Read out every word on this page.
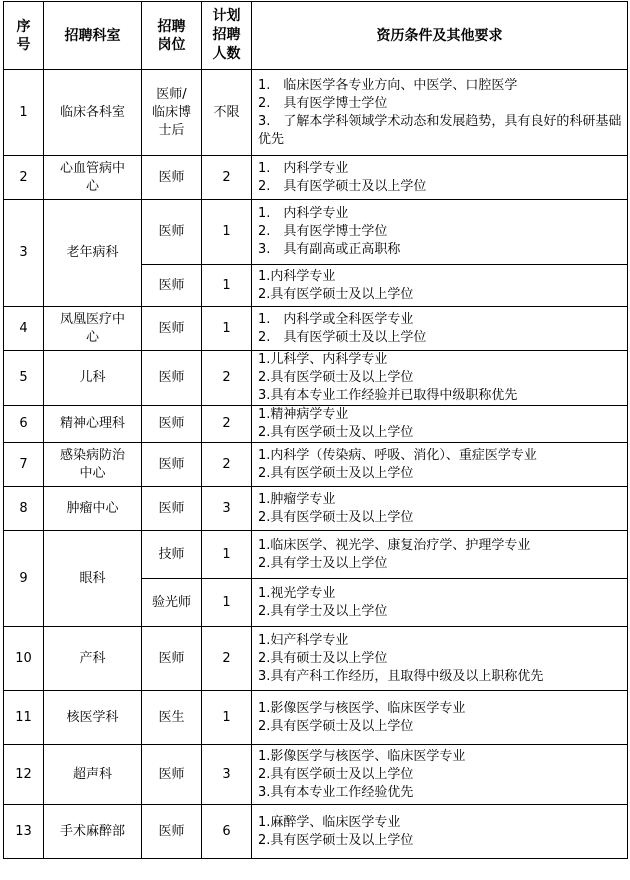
序号	招聘科室	招聘岗位	计划招聘人数	资历条件及其他要求
1	临床各科室	医师/临床博士后	不限	1.　临床医学各专业方向、中医学、口腔医学
2.　具有医学博士学位
3.　了解本学科领域学术动态和发展趋势，具有良好的科研基础优先

2	心血管病中心	医师	2	1.　内科学专业
2.　具有医学硕士及以上学位

3	老年病科	医师	1	1.　内科学专业
2.　具有医学博士学位
3.　具有副高或正高职称

		医师	1	1.内科学专业
2.具有医学硕士及以上学位

4	凤凰医疗中心	医师	1	1.　内科学或全科医学专业
2.　具有医学硕士及以上学位

5	儿科	医师	2	1.儿科学、内科学专业
2.具有医学硕士及以上学位
3.具有本专业工作经验并已取得中级职称优先

6	精神心理科	医师	2	1.精神病学专业
2.具有医学硕士及以上学位

7	感染病防治中心	医师	2	1.内科学（传染病、呼吸、消化）、重症医学专业
2.具有医学硕士及以上学位

8	肿瘤中心	医师	3	1.肿瘤学专业
2.具有医学硕士及以上学位

9	眼科	技师	1	1.临床医学、视光学、康复治疗学、护理学专业
2.具有学士及以上学位

		验光师	1	1.视光学专业
2.具有学士及以上学位

10	产科	医师	2	1.妇产科学专业
2.具有硕士及以上学位
3.具有产科工作经历，且取得中级及以上职称优先

11	核医学科	医生	1	1.影像医学与核医学、临床医学专业
2.具有医学硕士及以上学位

12	超声科	医师	3	1.影像医学与核医学、临床医学专业
2.具有医学硕士及以上学位
3.具有本专业工作经验优先

13	手术麻醉部	医师	6	1.麻醉学、临床医学专业
2.具有医学硕士及以上学位
